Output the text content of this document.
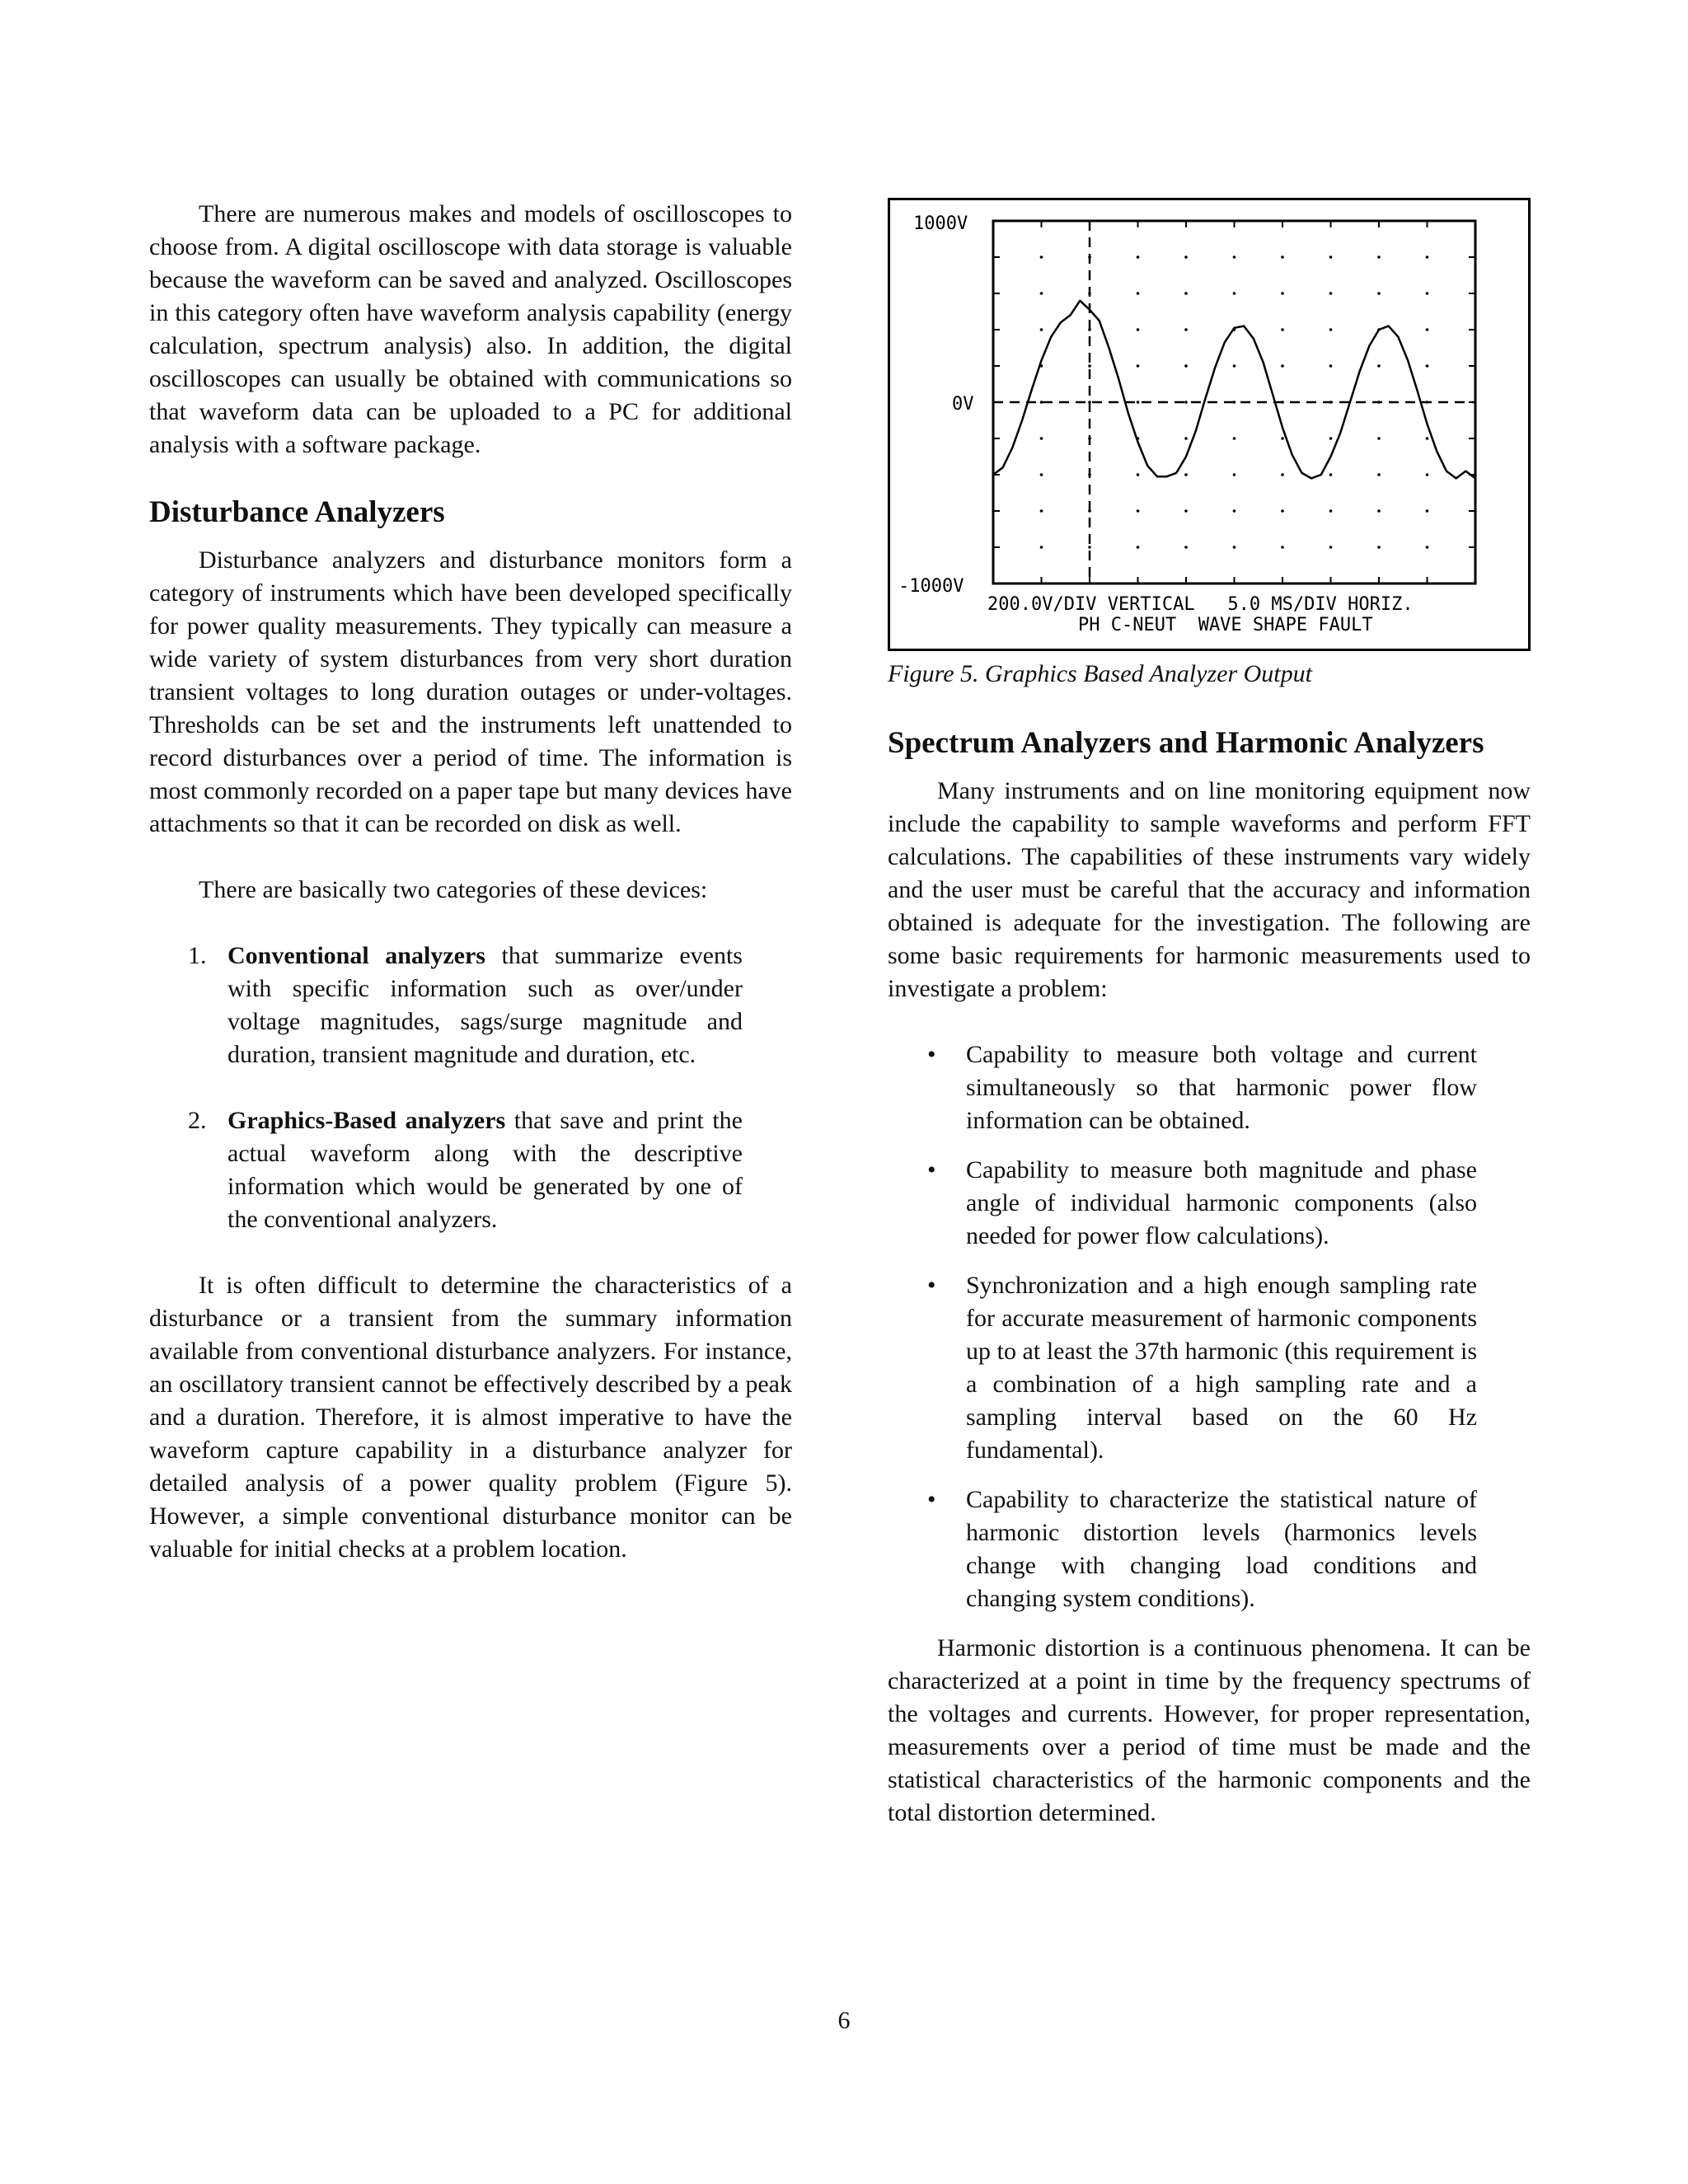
There are numerous makes and models of oscilloscopes to choose from. A digital oscilloscope with data storage is valuable because the waveform can be saved and analyzed. Oscilloscopes in this category often have waveform analysis capability (energy calculation, spectrum analysis) also. In addition, the digital oscilloscopes can usually be obtained with communications so that waveform data can be uploaded to a PC for additional analysis with a software package.

Disturbance Analyzers

Disturbance analyzers and disturbance monitors form a category of instruments which have been developed specifically for power quality measurements. They typically can measure a wide variety of system disturbances from very short duration transient voltages to long duration outages or under-voltages. Thresholds can be set and the instruments left unattended to record disturbances over a period of time. The information is most commonly recorded on a paper tape but many devices have attachments so that it can be recorded on disk as well.

There are basically two categories of these devices:

1. Conventional analyzers that summarize events with specific information such as over/under voltage magnitudes, sags/surge magnitude and duration, transient magnitude and duration, etc.
2. Graphics-Based analyzers that save and print the actual waveform along with the descriptive information which would be generated by one of the conventional analyzers.

It is often difficult to determine the characteristics of a disturbance or a transient from the summary information available from conventional disturbance analyzers. For instance, an oscillatory transient cannot be effectively described by a peak and a duration. Therefore, it is almost imperative to have the waveform capture capability in a disturbance analyzer for detailed analysis of a power quality problem (Figure 5). However, a simple conventional disturbance monitor can be valuable for initial checks at a problem location.

1000V
0V
-1000V
200.0V/DIV VERTICAL   5.0 MS/DIV HORIZ.
PH C-NEUT  WAVE SHAPE FAULT

Figure 5. Graphics Based Analyzer Output

Spectrum Analyzers and Harmonic Analyzers

Many instruments and on line monitoring equipment now include the capability to sample waveforms and perform FFT calculations. The capabilities of these instruments vary widely and the user must be careful that the accuracy and information obtained is adequate for the investigation. The following are some basic requirements for harmonic measurements used to investigate a problem:

• Capability to measure both voltage and current simultaneously so that harmonic power flow information can be obtained.
• Capability to measure both magnitude and phase angle of individual harmonic components (also needed for power flow calculations).
• Synchronization and a high enough sampling rate for accurate measurement of harmonic components up to at least the 37th harmonic (this requirement is a combination of a high sampling rate and a sampling interval based on the 60 Hz fundamental).
• Capability to characterize the statistical nature of harmonic distortion levels (harmonics levels change with changing load conditions and changing system conditions).

Harmonic distortion is a continuous phenomena. It can be characterized at a point in time by the frequency spectrums of the voltages and currents. However, for proper representation, measurements over a period of time must be made and the statistical characteristics of the harmonic components and the total distortion determined.

6
